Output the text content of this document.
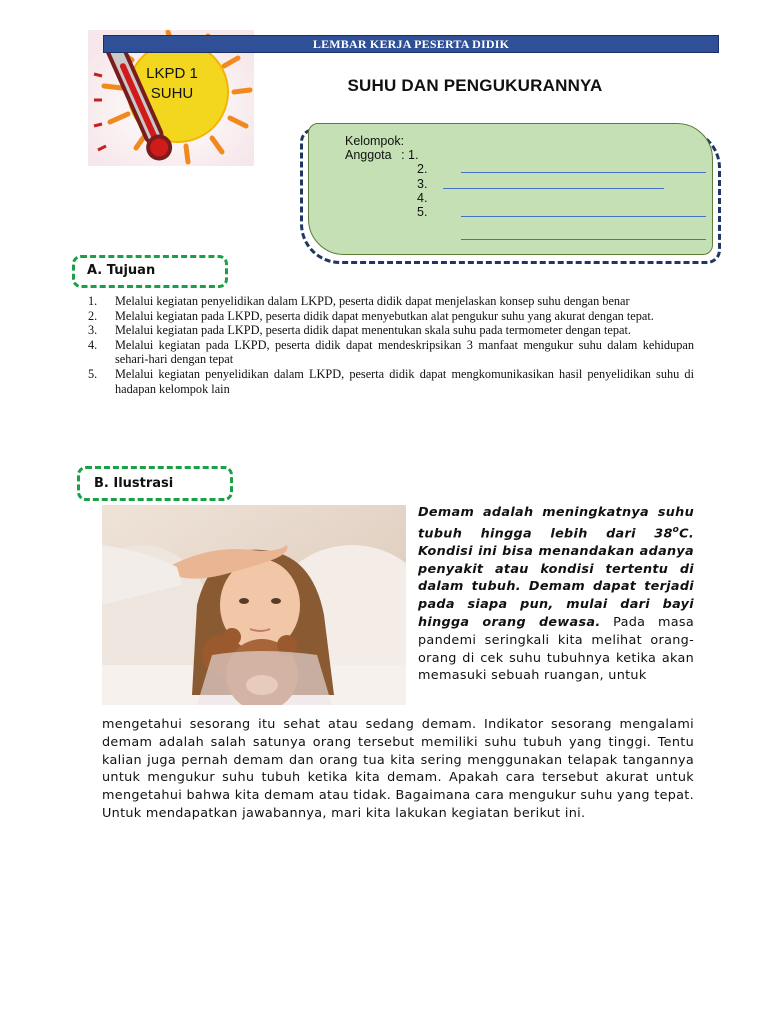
LKPD 1
SUHU
LEMBAR KERJA PESERTA DIDIK
SUHU DAN PENGUKURANNYA
Kelompok:
Anggota : 1.
2.
3.
4.
5.
A. Tujuan
1. Melalui kegiatan penyelidikan dalam LKPD, peserta didik dapat menjelaskan konsep suhu dengan benar
2. Melalui kegiatan pada LKPD, peserta didik dapat menyebutkan alat pengukur suhu yang akurat dengan tepat.
3. Melalui kegiatan pada LKPD, peserta didik dapat menentukan skala suhu pada termometer dengan tepat.
4. Melalui kegiatan pada LKPD, peserta didik dapat mendeskripsikan 3 manfaat mengukur suhu dalam kehidupan sehari-hari dengan tepat
5. Melalui kegiatan penyelidikan dalam LKPD, peserta didik dapat mengkomunikasikan hasil penyelidikan suhu di hadapan kelompok lain
B. Ilustrasi
Demam adalah meningkatnya suhu tubuh hingga lebih dari 38$^o$C. Kondisi ini bisa menandakan adanya penyakit atau kondisi tertentu di dalam tubuh. Demam dapat terjadi pada siapa pun, mulai dari bayi hingga orang dewasa. Pada masa pandemi seringkali kita melihat orang-orang di cek suhu tubuhnya ketika akan memasuki sebuah ruangan, untuk
mengetahui sesorang itu sehat atau sedang demam. Indikator sesorang mengalami demam adalah salah satunya orang tersebut memiliki suhu tubuh yang tinggi. Tentu kalian juga pernah demam dan orang tua kita sering menggunakan telapak tangannya untuk mengukur suhu tubuh ketika kita demam. Apakah cara tersebut akurat untuk mengetahui bahwa kita demam atau tidak. Bagaimana cara mengukur suhu yang tepat. Untuk mendapatkan jawabannya, mari kita lakukan kegiatan berikut ini.
